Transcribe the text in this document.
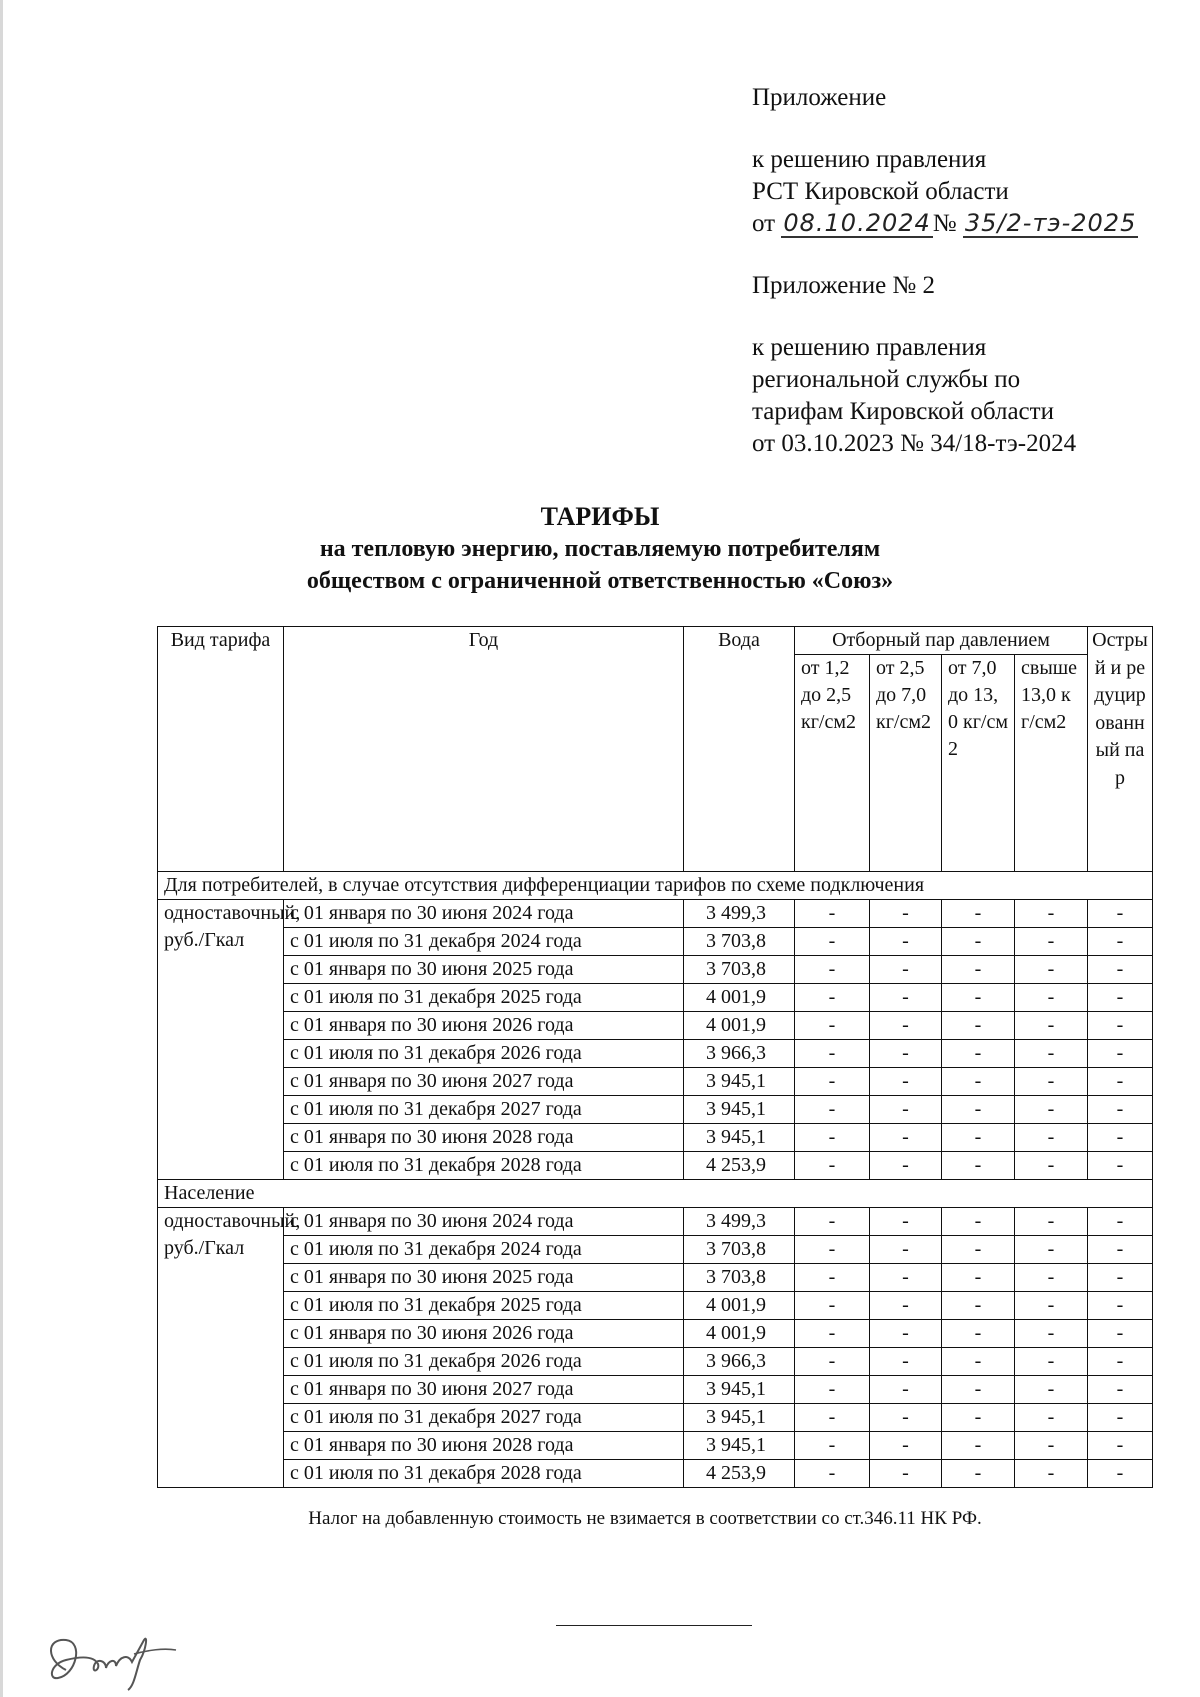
Приложение

к решению правления

РСТ Кировской области

от 08.10.2024№ 35/2-тэ-2025

Приложение № 2

к решению правления

региональной службы по

тарифам Кировской области

от 03.10.2023 № 34/18-тэ-2024

ТАРИФЫ
на тепловую энергию, поставляемую потребителям
обществом с ограниченной ответственностью «Союз»
Вид тарифа	Год	Вода	Отборный пар давлением				Острый и редуцированный пар
			от 1,2 до 2,5 кг/см2	от 2,5 до 7,0 кг/см2	от 7,0 до 13,0 кг/см2	свыше 13,0 кг/см2	
Для потребителей, в случае отсутствия дифференциации тарифов по схеме подключения							
одноставочный, руб./Гкал	с 01 января по 30 июня 2024 года	3 499,3	-	-	-	-	-
	с 01 июля по 31 декабря 2024 года	3 703,8	-	-	-	-	-
	с 01 января по 30 июня 2025 года	3 703,8	-	-	-	-	-
	с 01 июля по 31 декабря 2025 года	4 001,9	-	-	-	-	-
	с 01 января по 30 июня 2026 года	4 001,9	-	-	-	-	-
	с 01 июля по 31 декабря 2026 года	3 966,3	-	-	-	-	-
	с 01 января по 30 июня 2027 года	3 945,1	-	-	-	-	-
	с 01 июля по 31 декабря 2027 года	3 945,1	-	-	-	-	-
	с 01 января по 30 июня 2028 года	3 945,1	-	-	-	-	-
	с 01 июля по 31 декабря 2028 года	4 253,9	-	-	-	-	-
Население							
одноставочный, руб./Гкал	с 01 января по 30 июня 2024 года	3 499,3	-	-	-	-	-
	с 01 июля по 31 декабря 2024 года	3 703,8	-	-	-	-	-
	с 01 января по 30 июня 2025 года	3 703,8	-	-	-	-	-
	с 01 июля по 31 декабря 2025 года	4 001,9	-	-	-	-	-
	с 01 января по 30 июня 2026 года	4 001,9	-	-	-	-	-
	с 01 июля по 31 декабря 2026 года	3 966,3	-	-	-	-	-
	с 01 января по 30 июня 2027 года	3 945,1	-	-	-	-	-
	с 01 июля по 31 декабря 2027 года	3 945,1	-	-	-	-	-
	с 01 января по 30 июня 2028 года	3 945,1	-	-	-	-	-
	с 01 июля по 31 декабря 2028 года	4 253,9	-	-	-	-	-
Налог на добавленную стоимость не взимается в соответствии со ст.346.11 НК РФ.
